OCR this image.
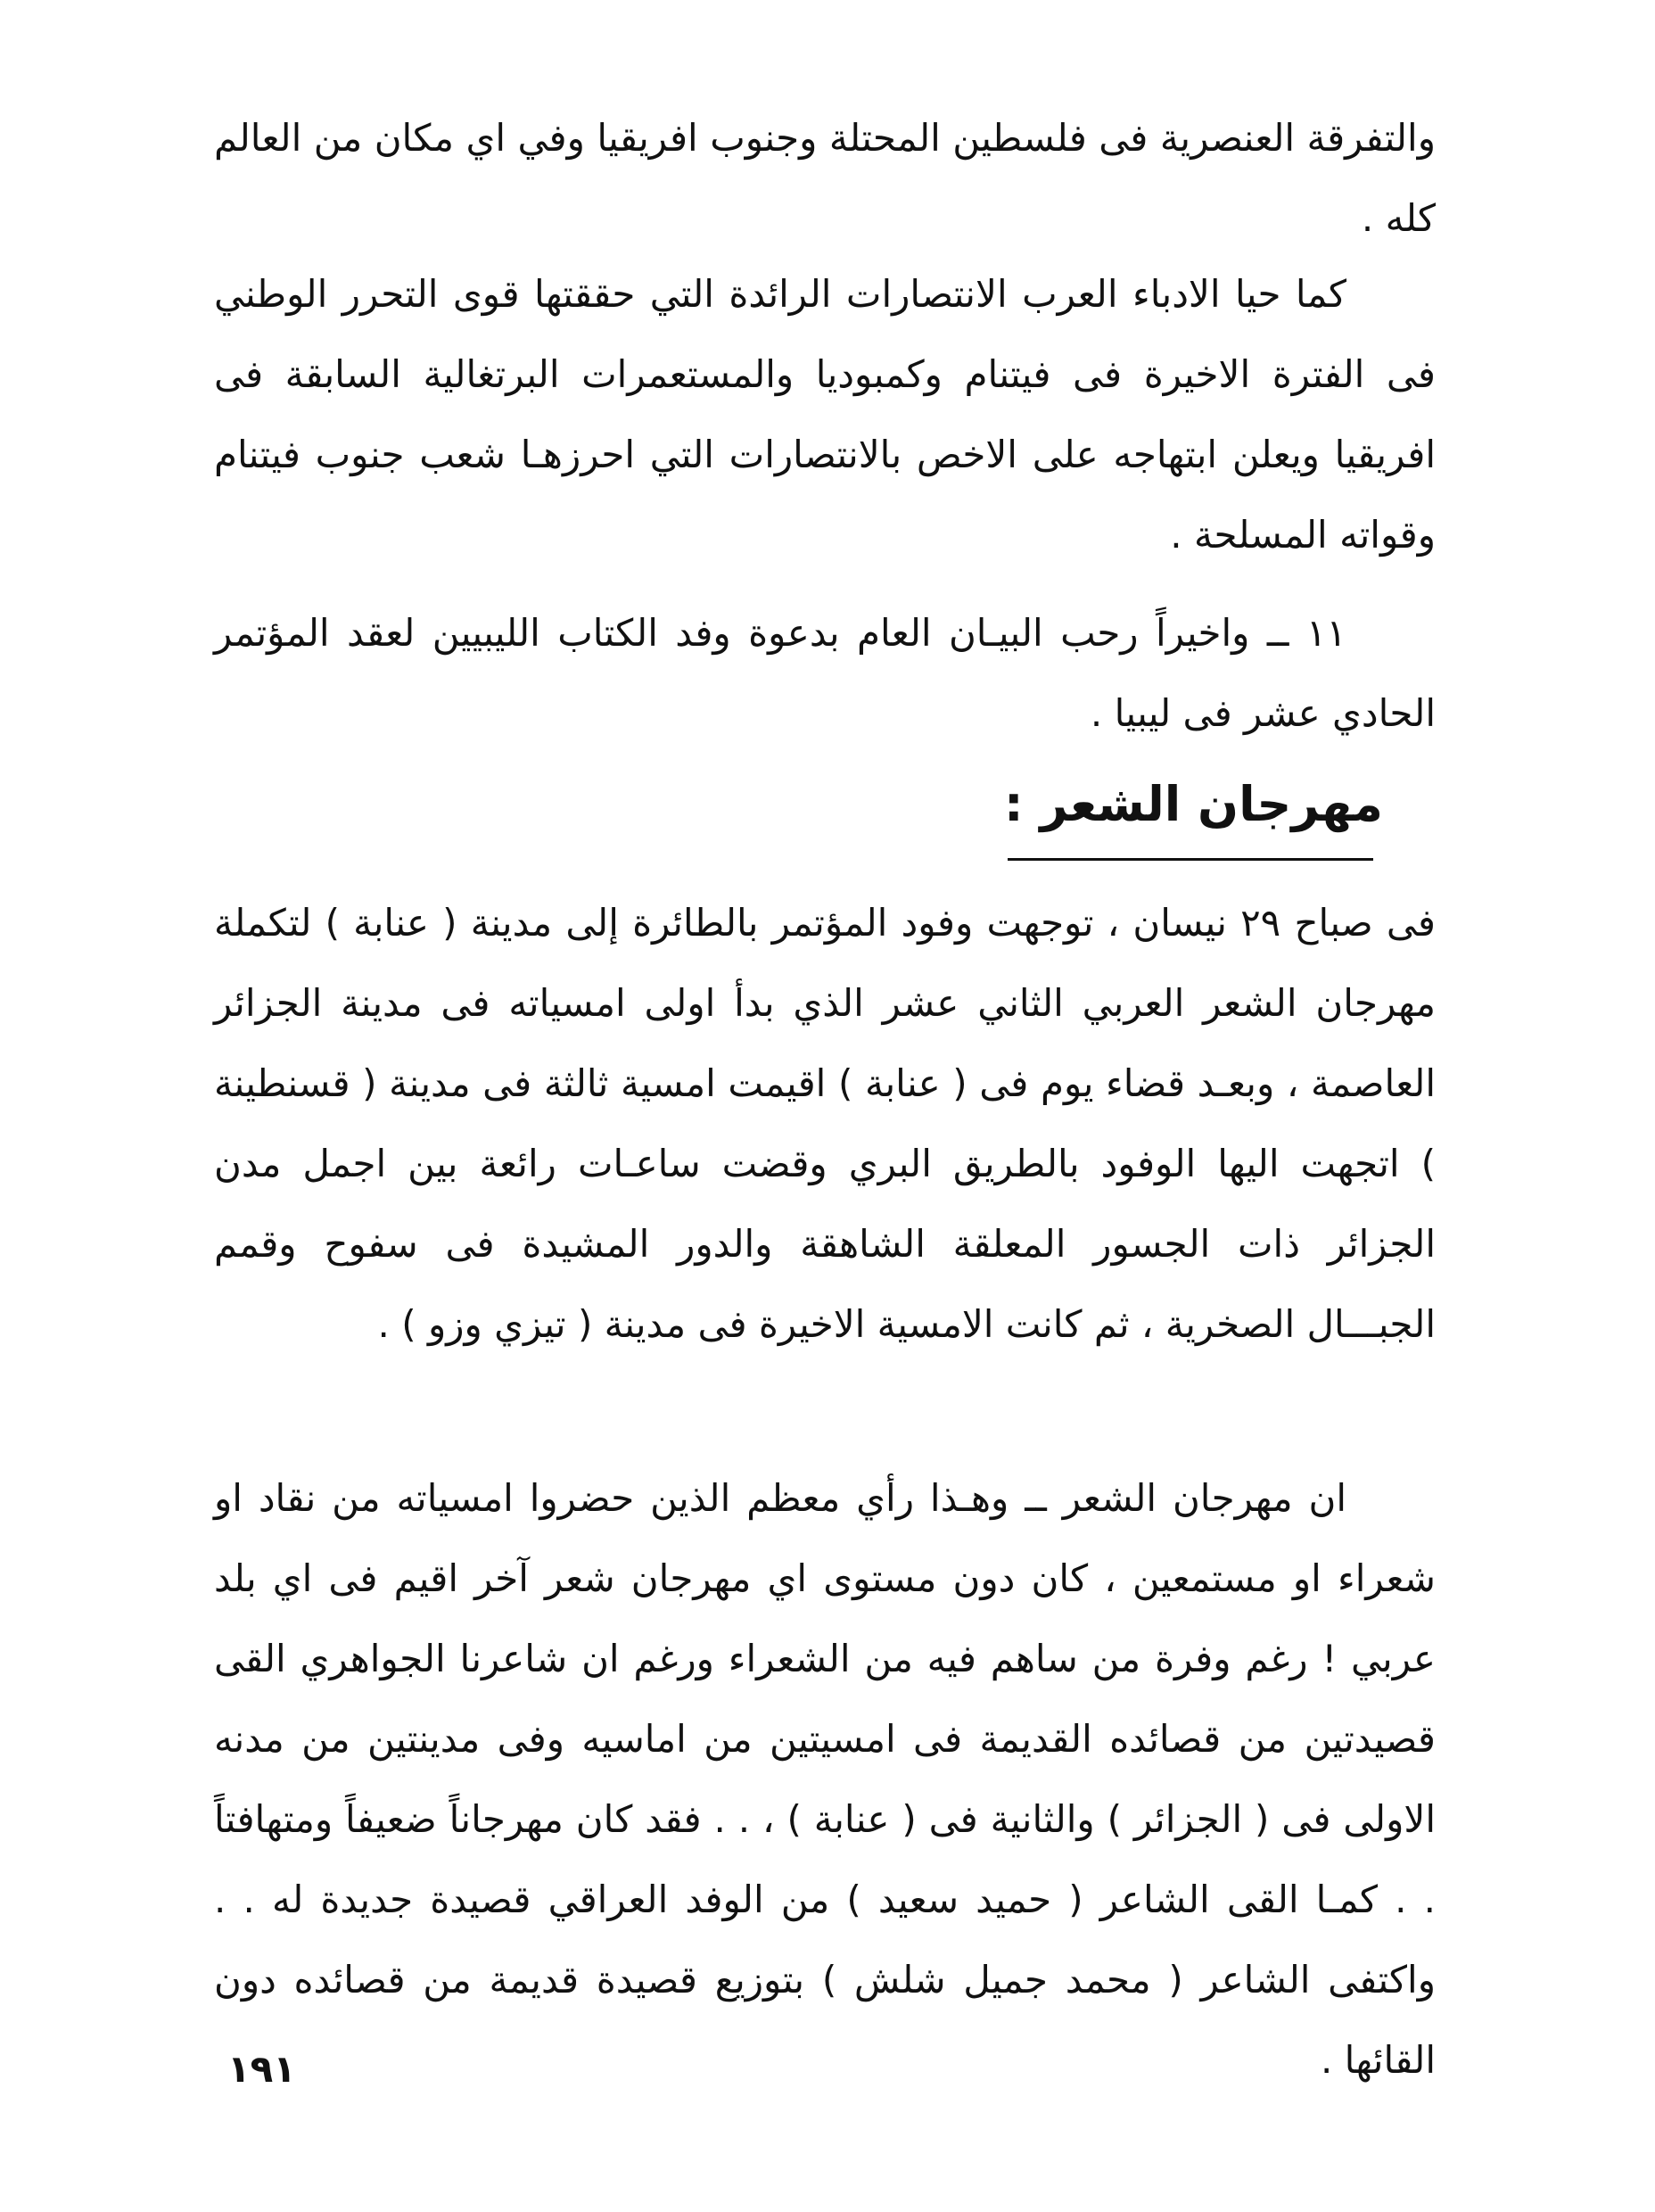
والتفرقة العنصرية فى فلسطين المحتلة وجنوب افريقيا وفي اي مكان من العالم كله .

كما حيا الادباء العرب الانتصارات الرائدة التي حققتها قوى التحرر الوطني فى الفترة الاخيرة فى فيتنام وكمبوديا والمستعمرات البرتغالية السابقة فى افريقيا ويعلن ابتهاجه على الاخص بالانتصارات التي احرزهـا شعب جنوب فيتنام وقواته المسلحة .

١١ ــ واخيراً رحب البيـان العام بدعوة وفد الكتاب الليبيين لعقد المؤتمر الحادي عشر فى ليبيا .

مهرجان الشعر :

فى صباح ٢٩ نيسان ، توجهت وفود المؤتمر بالطائرة إلى مدينة ( عنابة ) لتكملة مهرجان الشعر العربي الثاني عشر الذي بدأ اولى امسياته فى مدينة الجزائر العاصمة ، وبعـد قضاء يوم فى ( عنابة ) اقيمت امسية ثالثة فى مدينة ( قسنطينة ) اتجهت اليها الوفود بالطريق البري وقضت ساعـات رائعة بين اجمل مدن الجزائر ذات الجسور المعلقة الشاهقة والدور المشيدة فى سفوح وقمم الجبـــال الصخرية ، ثم كانت الامسية الاخيرة فى مدينة ( تيزي وزو ) .

ان مهرجان الشعر ــ وهـذا رأي معظم الذين حضروا امسياته من نقاد او شعراء او مستمعين ، كان دون مستوى اي مهرجان شعر آخر اقيم فى اي بلد عربي ! رغم وفرة من ساهم فيه من الشعراء ورغم ان شاعرنا الجواهري القى قصيدتين من قصائده القديمة فى امسيتين من اماسيه وفى مدينتين من مدنه الاولى فى ( الجزائر ) والثانية فى ( عنابة ) ، . . فقد كان مهرجاناً ضعيفاً ومتهافتاً . . كمـا القى الشاعر ( حميد سعيد ) من الوفد العراقي قصيدة جديدة له . . واكتفى الشاعر ( محمد جميل شلش ) بتوزيع قصيدة قديمة من قصائده دون القائها .

١٩١
